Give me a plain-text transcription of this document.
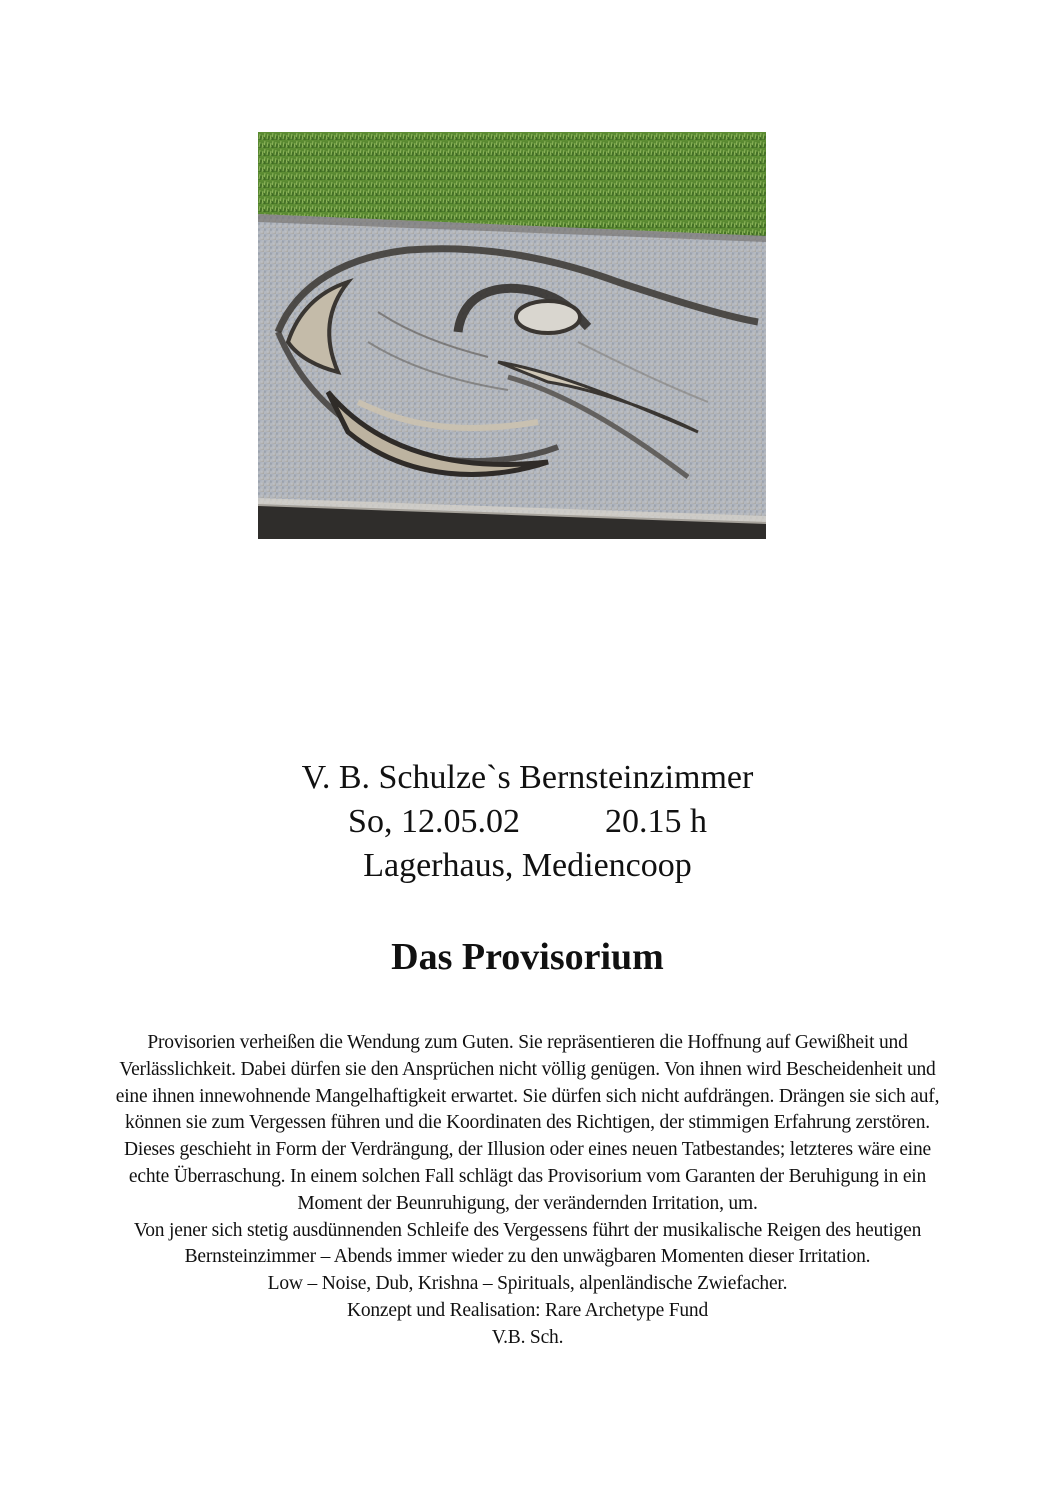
V. B. Schulze`s Bernsteinzimmer
So, 12.05.02          20.15 h
Lagerhaus, Mediencoop
Das Provisorium
Provisorien verheißen die Wendung zum Guten. Sie repräsentieren die Hoffnung auf Gewißheit und
Verlässlichkeit. Dabei dürfen sie den Ansprüchen nicht völlig genügen. Von ihnen wird Bescheidenheit und
eine ihnen innewohnende Mangelhaftigkeit erwartet. Sie dürfen sich nicht aufdrängen. Drängen sie sich auf,
können sie zum Vergessen führen und die Koordinaten des Richtigen, der stimmigen Erfahrung zerstören.
Dieses geschieht in Form der Verdrängung, der Illusion oder eines neuen Tatbestandes; letzteres wäre eine
echte Überraschung. In einem solchen Fall schlägt das Provisorium vom Garanten der Beruhigung in ein
Moment der Beunruhigung, der verändernden Irritation, um.
Von jener sich stetig ausdünnenden Schleife des Vergessens führt der musikalische Reigen des heutigen
Bernsteinzimmer – Abends immer wieder zu den unwägbaren Momenten dieser Irritation.
Low – Noise, Dub, Krishna – Spirituals, alpenländische Zwiefacher.
Konzept und Realisation: Rare Archetype Fund
V.B. Sch.
